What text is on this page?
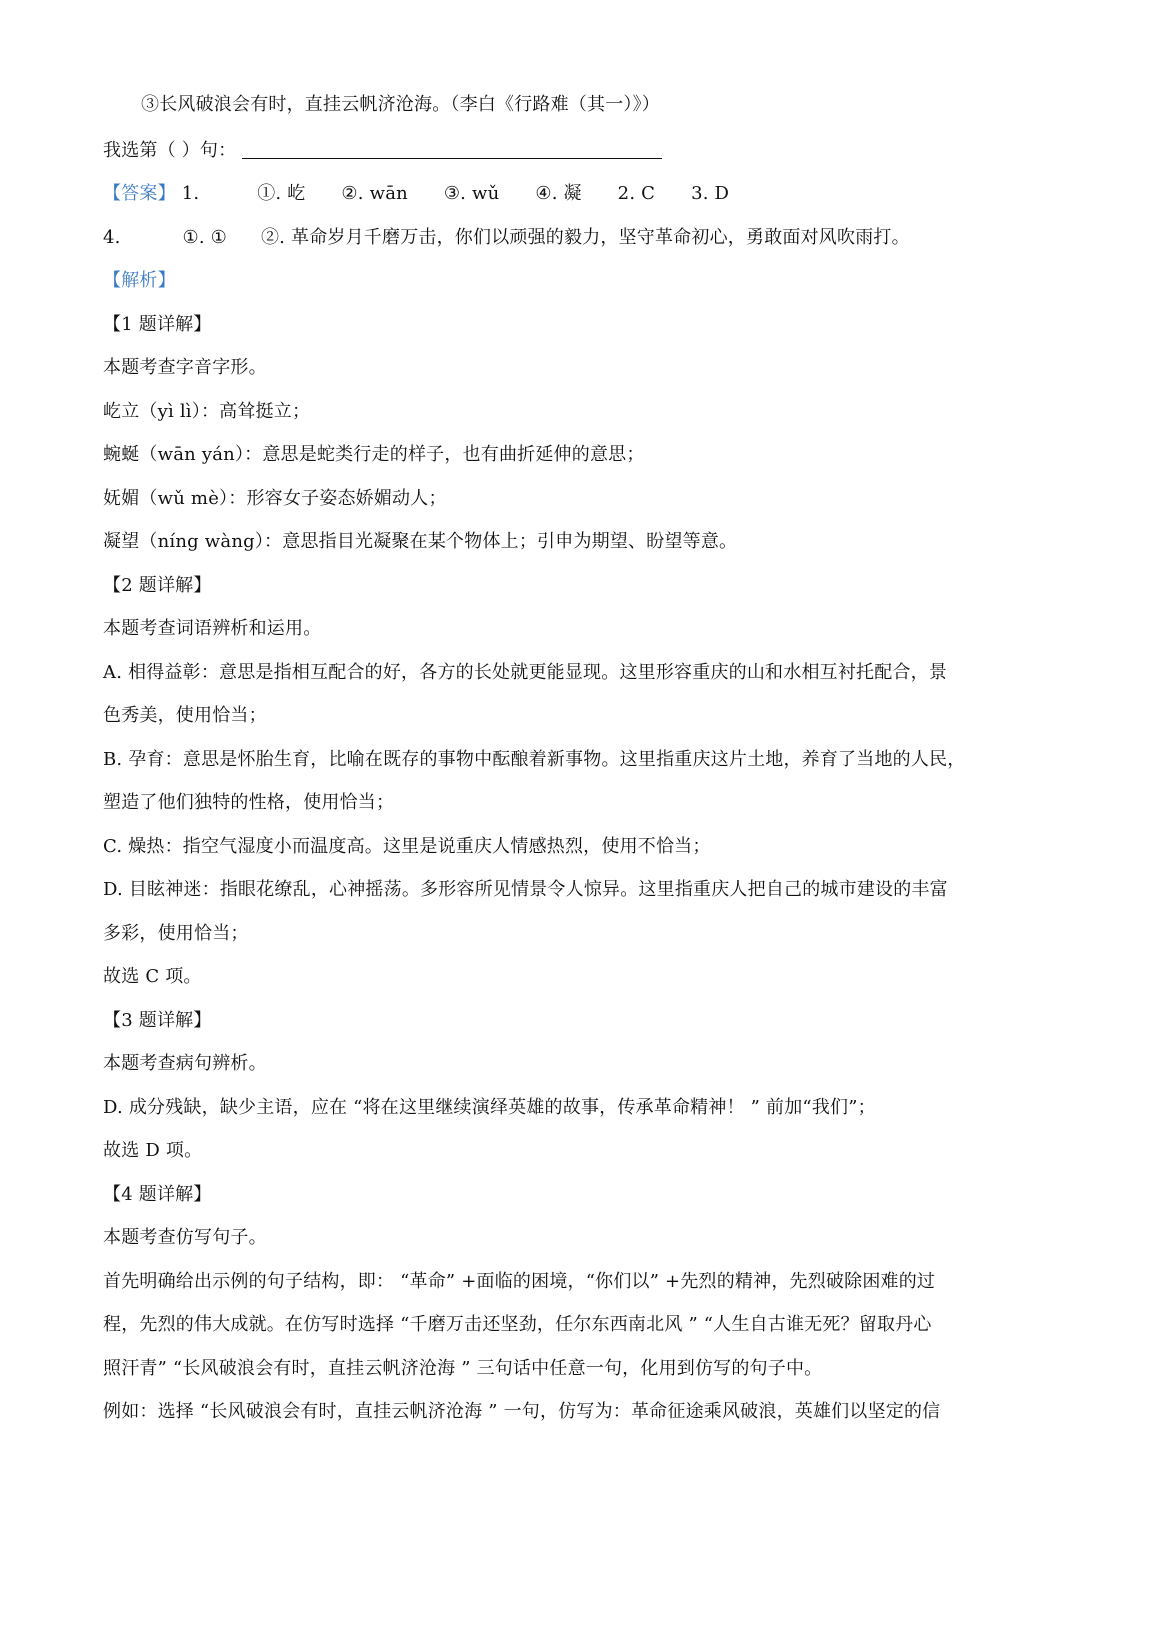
③长风破浪会有时，直挂云帆济沧海。（李白《行路难（其一）》）
我选第（ ）句：
【答案】 1.	①. 屹 ②. wān ③. wǔ ④. 凝 2. C 3. D
4.	①. ① ②. 革命岁月千磨万击，你们以顽强的毅力，坚守革命初心，勇敢面对风吹雨打。
【解析】
【1 题详解】
本题考查字音字形。
屹立（yì lì）：高耸挺立；
蜿蜒（wān yán）：意思是蛇类行走的样子，也有曲折延伸的意思；
妩媚（wǔ mè）：形容女子姿态娇媚动人；
凝望（níng wàng）：意思指目光凝聚在某个物体上；引申为期望、盼望等意。
【2 题详解】
本题考查词语辨析和运用。
A. 相得益彰：意思是指相互配合的好，各方的长处就更能显现。这里形容重庆的山和水相互衬托配合，景
色秀美，使用恰当；
B. 孕育：意思是怀胎生育，比喻在既存的事物中酝酿着新事物。这里指重庆这片土地，养育了当地的人民，
塑造了他们独特的性格，使用恰当；
C. 燥热：指空气湿度小而温度高。这里是说重庆人情感热烈，使用不恰当；
D. 目眩神迷：指眼花缭乱，心神摇荡。多形容所见情景令人惊异。这里指重庆人把自己的城市建设的丰富
多彩，使用恰当；
故选 C 项。
【3 题详解】
本题考查病句辨析。
D. 成分残缺，缺少主语，应在 “将在这里继续演绎英雄的故事，传承革命精神！ ” 前加“我们”；
故选 D 项。
【4 题详解】
本题考查仿写句子。
首先明确给出示例的句子结构，即： “革命” +面临的困境，“你们以” +先烈的精神，先烈破除困难的过
程，先烈的伟大成就。在仿写时选择 “千磨万击还坚劲，任尔东西南北风 ” “人生自古谁无死？留取丹心
照汗青” “长风破浪会有时，直挂云帆济沧海 ” 三句话中任意一句，化用到仿写的句子中。
例如：选择 “长风破浪会有时，直挂云帆济沧海 ” 一句，仿写为：革命征途乘风破浪，英雄们以坚定的信
